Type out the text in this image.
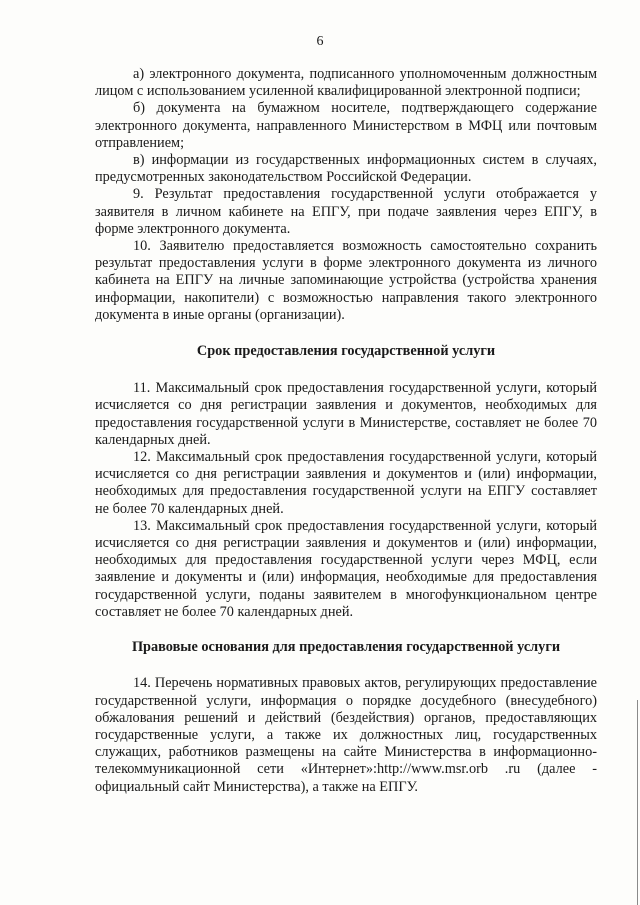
6

а) электронного документа, подписанного уполномоченным должностным лицом с использованием усиленной квалифицированной электронной подписи;

б) документа на бумажном носителе, подтверждающего содержание электронного документа, направленного Министерством в МФЦ или почтовым отправлением;

в) информации из государственных информационных систем в случаях, предусмотренных законодательством Российской Федерации.

9. Результат предоставления государственной услуги отображается у заявителя в личном кабинете на ЕПГУ, при подаче заявления через ЕПГУ, в форме электронного документа.

10. Заявителю предоставляется возможность самостоятельно сохранить результат предоставления услуги в форме электронного документа из личного кабинета на ЕПГУ на личные запоминающие устройства (устройства хранения информации, накопители) с возможностью направления такого электронного документа в иные органы (организации).

Срок предоставления государственной услуги

11. Максимальный срок предоставления государственной услуги, который исчисляется со дня регистрации заявления и документов, необходимых для предоставления государственной услуги в Министерстве, составляет не более 70 календарных дней.

12. Максимальный срок предоставления государственной услуги, который исчисляется со дня регистрации заявления и документов и (или) информации, необходимых для предоставления государственной услуги на ЕПГУ составляет не более 70 календарных дней.

13. Максимальный срок предоставления государственной услуги, который исчисляется со дня регистрации заявления и документов и (или) информации, необходимых для предоставления государственной услуги через МФЦ, если заявление и документы и (или) информация, необходимые для предоставления государственной услуги, поданы заявителем в многофункциональном центре составляет не более 70 календарных дней.

Правовые основания для предоставления государственной услуги

14. Перечень нормативных правовых актов, регулирующих предоставление государственной услуги, информация о порядке досудебного (внесудебного) обжалования решений и действий (бездействия) органов, предоставляющих государственные услуги, а также их должностных лиц, государственных служащих, работников размещены на сайте Министерства в информационно- телекоммуникационной сети «Интернет»:http://www.msr.orb .ru (далее - официальный сайт Министерства), а также на ЕПГУ.
